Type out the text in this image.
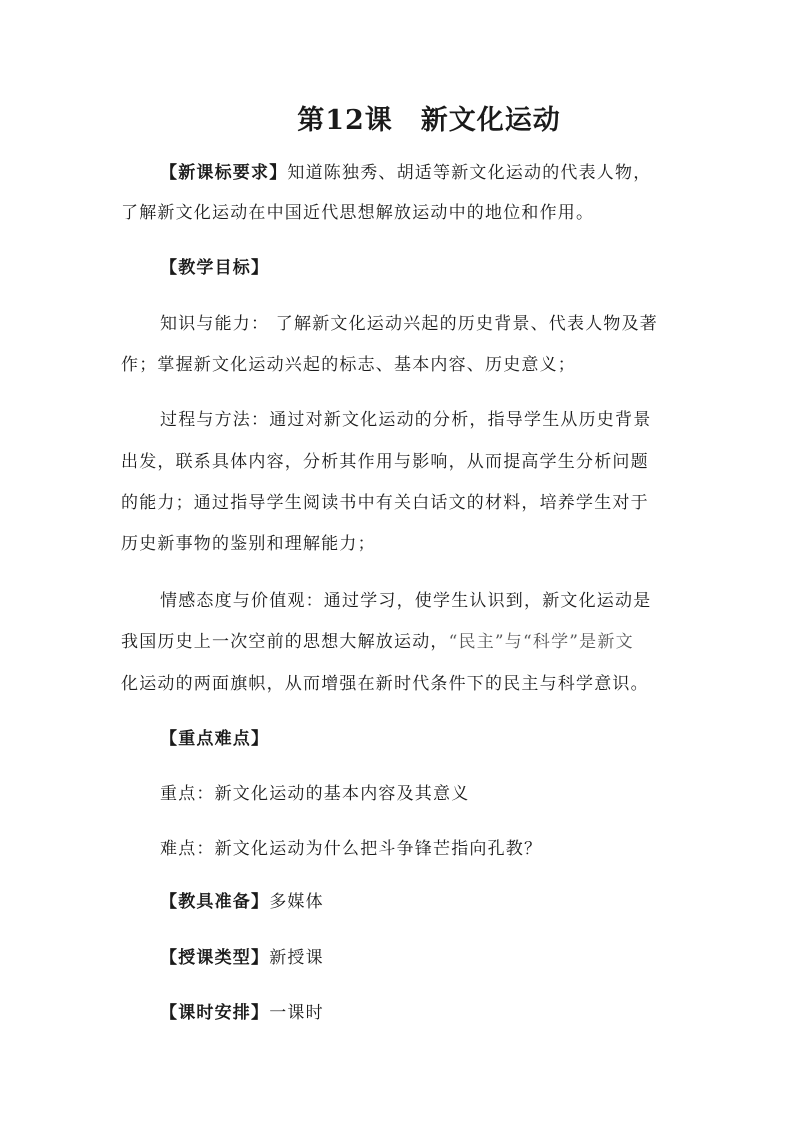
第12课 新文化运动
【新课标要求】知道陈独秀、胡适等新文化运动的代表人物，
了解新文化运动在中国近代思想解放运动中的地位和作用。
【教学目标】
知识与能力： 了解新文化运动兴起的历史背景、代表人物及著
作；掌握新文化运动兴起的标志、基本内容、历史意义；
过程与方法：通过对新文化运动的分析，指导学生从历史背景
出发，联系具体内容，分析其作用与影响，从而提高学生分析问题
的能力；通过指导学生阅读书中有关白话文的材料，培养学生对于
历史新事物的鉴别和理解能力；
情感态度与价值观：通过学习，使学生认识到，新文化运动是
我国历史上一次空前的思想大解放运动，“民主”与“科学”是新文
化运动的两面旗帜，从而增强在新时代条件下的民主与科学意识。
【重点难点】
重点：新文化运动的基本内容及其意义
难点：新文化运动为什么把斗争锋芒指向孔教？
【教具准备】多媒体
【授课类型】新授课
【课时安排】一课时
